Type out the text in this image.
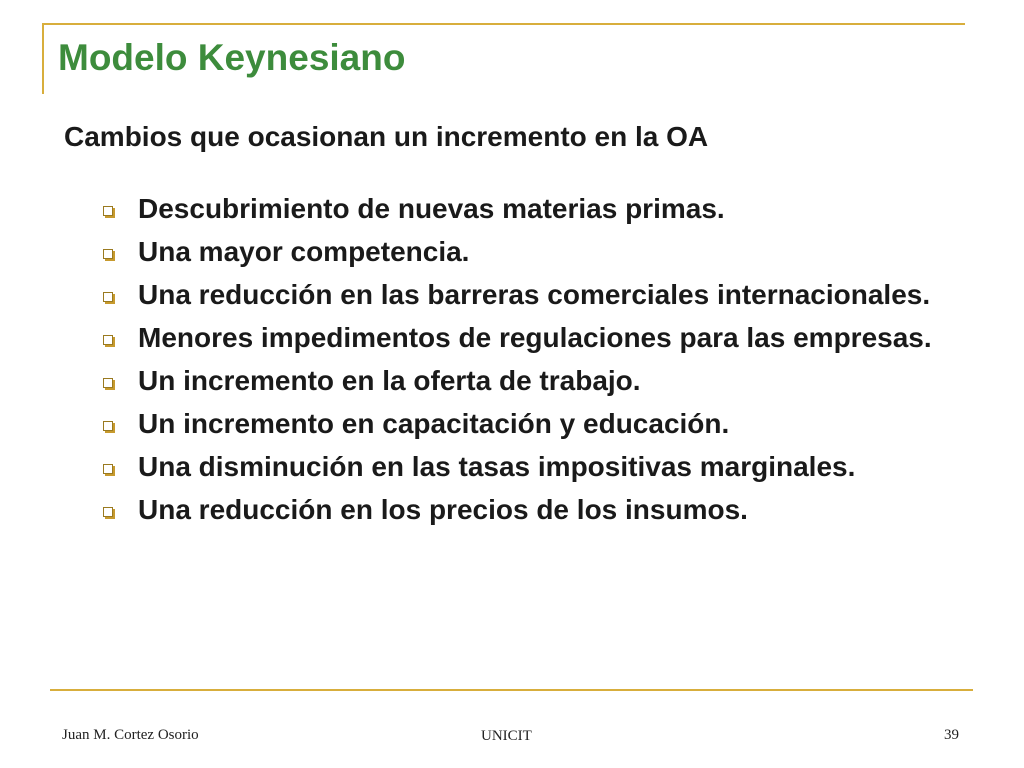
Modelo Keynesiano
Cambios que ocasionan un incremento en la OA
Descubrimiento de nuevas materias primas.
Una mayor competencia.
Una reducción en las barreras comerciales internacionales.
Menores impedimentos de regulaciones para las empresas.
Un incremento en la oferta de trabajo.
Un incremento en capacitación y educación.
Una disminución en las tasas impositivas marginales.
Una reducción en los precios de los insumos.
Juan M. Cortez Osorio	UNICIT	39
